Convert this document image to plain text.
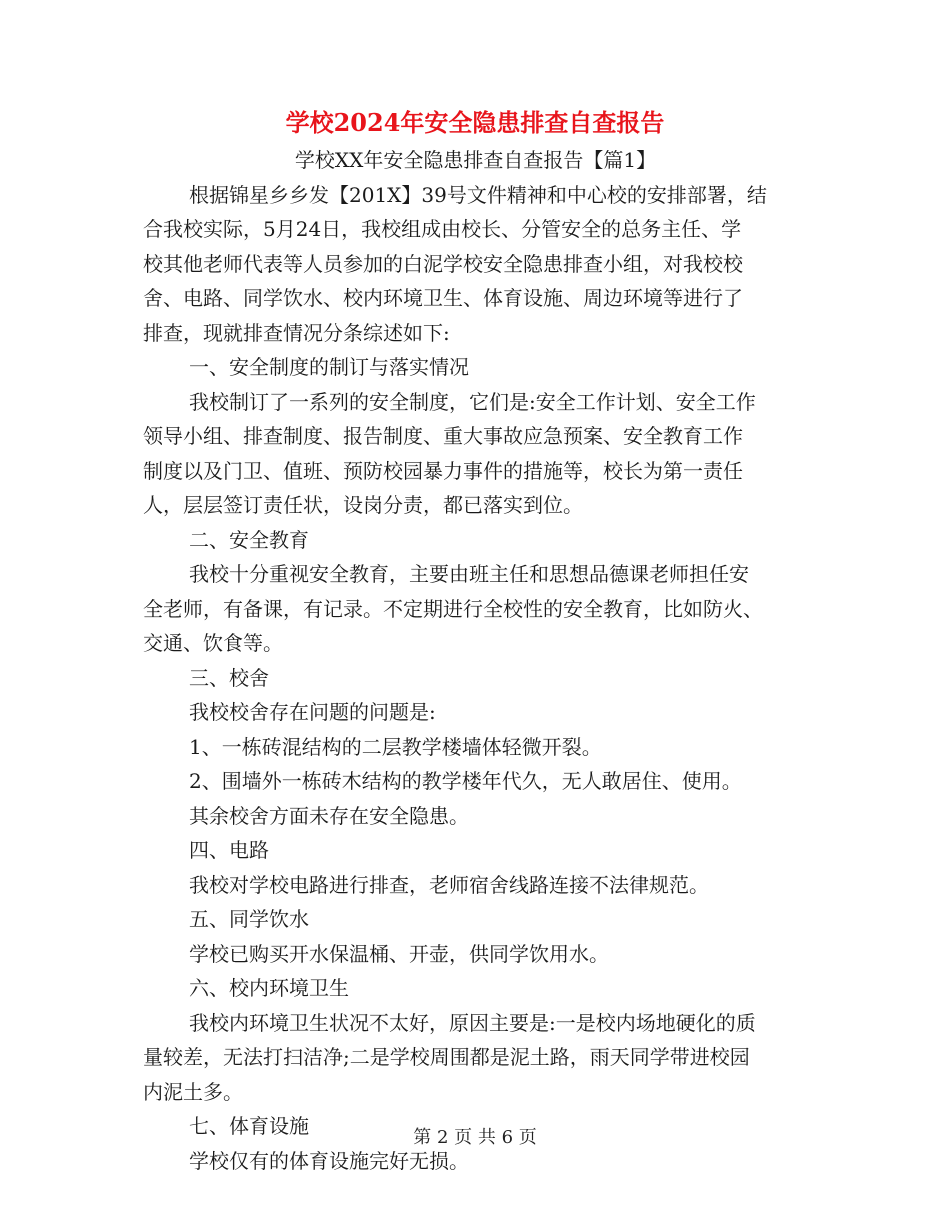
学校2024年安全隐患排查自查报告
学校XX年安全隐患排查自查报告【篇1】
根据锦星乡乡发【201X】39号文件精神和中心校的安排部署，结
合我校实际，5月24日，我校组成由校长、分管安全的总务主任、学
校其他老师代表等人员参加的白泥学校安全隐患排查小组，对我校校
舍、电路、同学饮水、校内环境卫生、体育设施、周边环境等进行了
排查，现就排查情况分条综述如下:
一、安全制度的制订与落实情况
我校制订了一系列的安全制度，它们是:安全工作计划、安全工作
领导小组、排查制度、报告制度、重大事故应急预案、安全教育工作
制度以及门卫、值班、预防校园暴力事件的措施等，校长为第一责任
人，层层签订责任状，设岗分责，都已落实到位。
二、安全教育
我校十分重视安全教育，主要由班主任和思想品德课老师担任安
全老师，有备课，有记录。不定期进行全校性的安全教育，比如防火、
交通、饮食等。
三、校舍
我校校舍存在问题的问题是:
1、一栋砖混结构的二层教学楼墙体轻微开裂。
2、围墙外一栋砖木结构的教学楼年代久，无人敢居住、使用。
其余校舍方面未存在安全隐患。
四、电路
我校对学校电路进行排查，老师宿舍线路连接不法律规范。
五、同学饮水
学校已购买开水保温桶、开壶，供同学饮用水。
六、校内环境卫生
我校内环境卫生状况不太好，原因主要是:一是校内场地硬化的质
量较差，无法打扫洁净;二是学校周围都是泥土路，雨天同学带进校园
内泥土多。
七、体育设施
学校仅有的体育设施完好无损。
第 2 页 共 6 页
